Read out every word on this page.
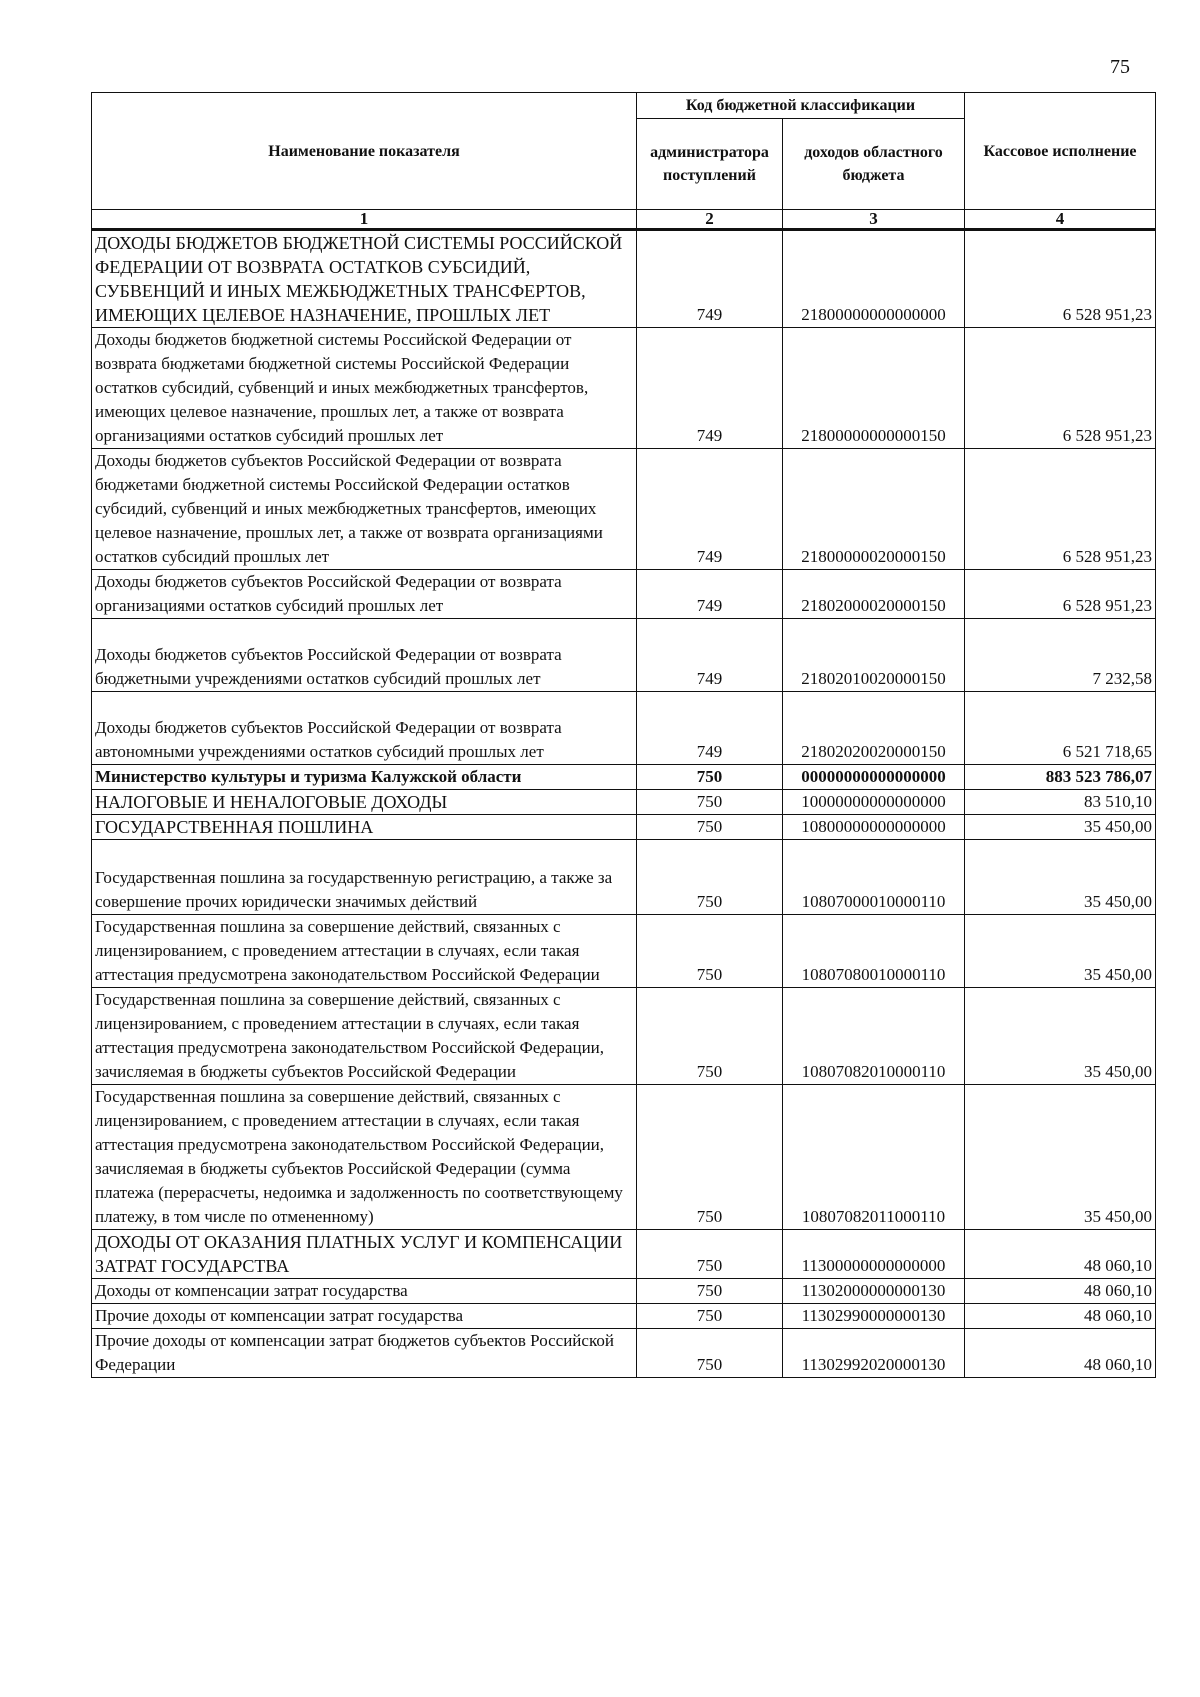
75
Наименование показателя	Код бюджетной классификации		Кассовое исполнение
	администратора поступлений	доходов областного бюджета	
1	2	3	4
ДОХОДЫ БЮДЖЕТОВ БЮДЖЕТНОЙ СИСТЕМЫ РОССИЙСКОЙ ФЕДЕРАЦИИ ОТ ВОЗВРАТА ОСТАТКОВ СУБСИДИЙ, СУБВЕНЦИЙ И ИНЫХ МЕЖБЮДЖЕТНЫХ ТРАНСФЕРТОВ, ИМЕЮЩИХ ЦЕЛЕВОЕ НАЗНАЧЕНИЕ, ПРОШЛЫХ ЛЕТ	749	21800000000000000	6 528 951,23
Доходы бюджетов бюджетной системы Российской Федерации от возврата бюджетами бюджетной системы Российской Федерации остатков субсидий, субвенций и иных межбюджетных трансфертов, имеющих целевое назначение, прошлых лет, а также от возврата организациями остатков субсидий прошлых лет	749	21800000000000150	6 528 951,23
Доходы бюджетов субъектов Российской Федерации от возврата бюджетами бюджетной системы Российской Федерации остатков субсидий, субвенций и иных межбюджетных трансфертов, имеющих целевое назначение, прошлых лет, а также от возврата организациями остатков субсидий прошлых лет	749	21800000020000150	6 528 951,23
Доходы бюджетов субъектов Российской Федерации от возврата организациями остатков субсидий прошлых лет	749	21802000020000150	6 528 951,23
Доходы бюджетов субъектов Российской Федерации от возврата бюджетными учреждениями остатков субсидий прошлых лет	749	21802010020000150	7 232,58
Доходы бюджетов субъектов Российской Федерации от возврата автономными учреждениями остатков субсидий прошлых лет	749	21802020020000150	6 521 718,65
Министерство культуры и туризма Калужской области	750	00000000000000000	883 523 786,07
НАЛОГОВЫЕ И НЕНАЛОГОВЫЕ ДОХОДЫ	750	10000000000000000	83 510,10
ГОСУДАРСТВЕННАЯ ПОШЛИНА	750	10800000000000000	35 450,00
Государственная пошлина за государственную регистрацию, а также за совершение прочих юридически значимых действий	750	10807000010000110	35 450,00
Государственная пошлина за совершение действий, связанных с лицензированием, с проведением аттестации в случаях, если такая аттестация предусмотрена законодательством Российской Федерации	750	10807080010000110	35 450,00
Государственная пошлина за совершение действий, связанных с лицензированием, с проведением аттестации в случаях, если такая аттестация предусмотрена законодательством Российской Федерации, зачисляемая в бюджеты субъектов Российской Федерации	750	10807082010000110	35 450,00
Государственная пошлина за совершение действий, связанных с лицензированием, с проведением аттестации в случаях, если такая аттестация предусмотрена законодательством Российской Федерации, зачисляемая в бюджеты субъектов Российской Федерации (сумма платежа (перерасчеты, недоимка и задолженность по соответствующему платежу, в том числе по отмененному)	750	10807082011000110	35 450,00
ДОХОДЫ ОТ ОКАЗАНИЯ ПЛАТНЫХ УСЛУГ И КОМПЕНСАЦИИ ЗАТРАТ ГОСУДАРСТВА	750	11300000000000000	48 060,10
Доходы от компенсации затрат государства	750	11302000000000130	48 060,10
Прочие доходы от компенсации затрат государства	750	11302990000000130	48 060,10
Прочие доходы от компенсации затрат бюджетов субъектов Российской Федерации	750	11302992020000130	48 060,10
